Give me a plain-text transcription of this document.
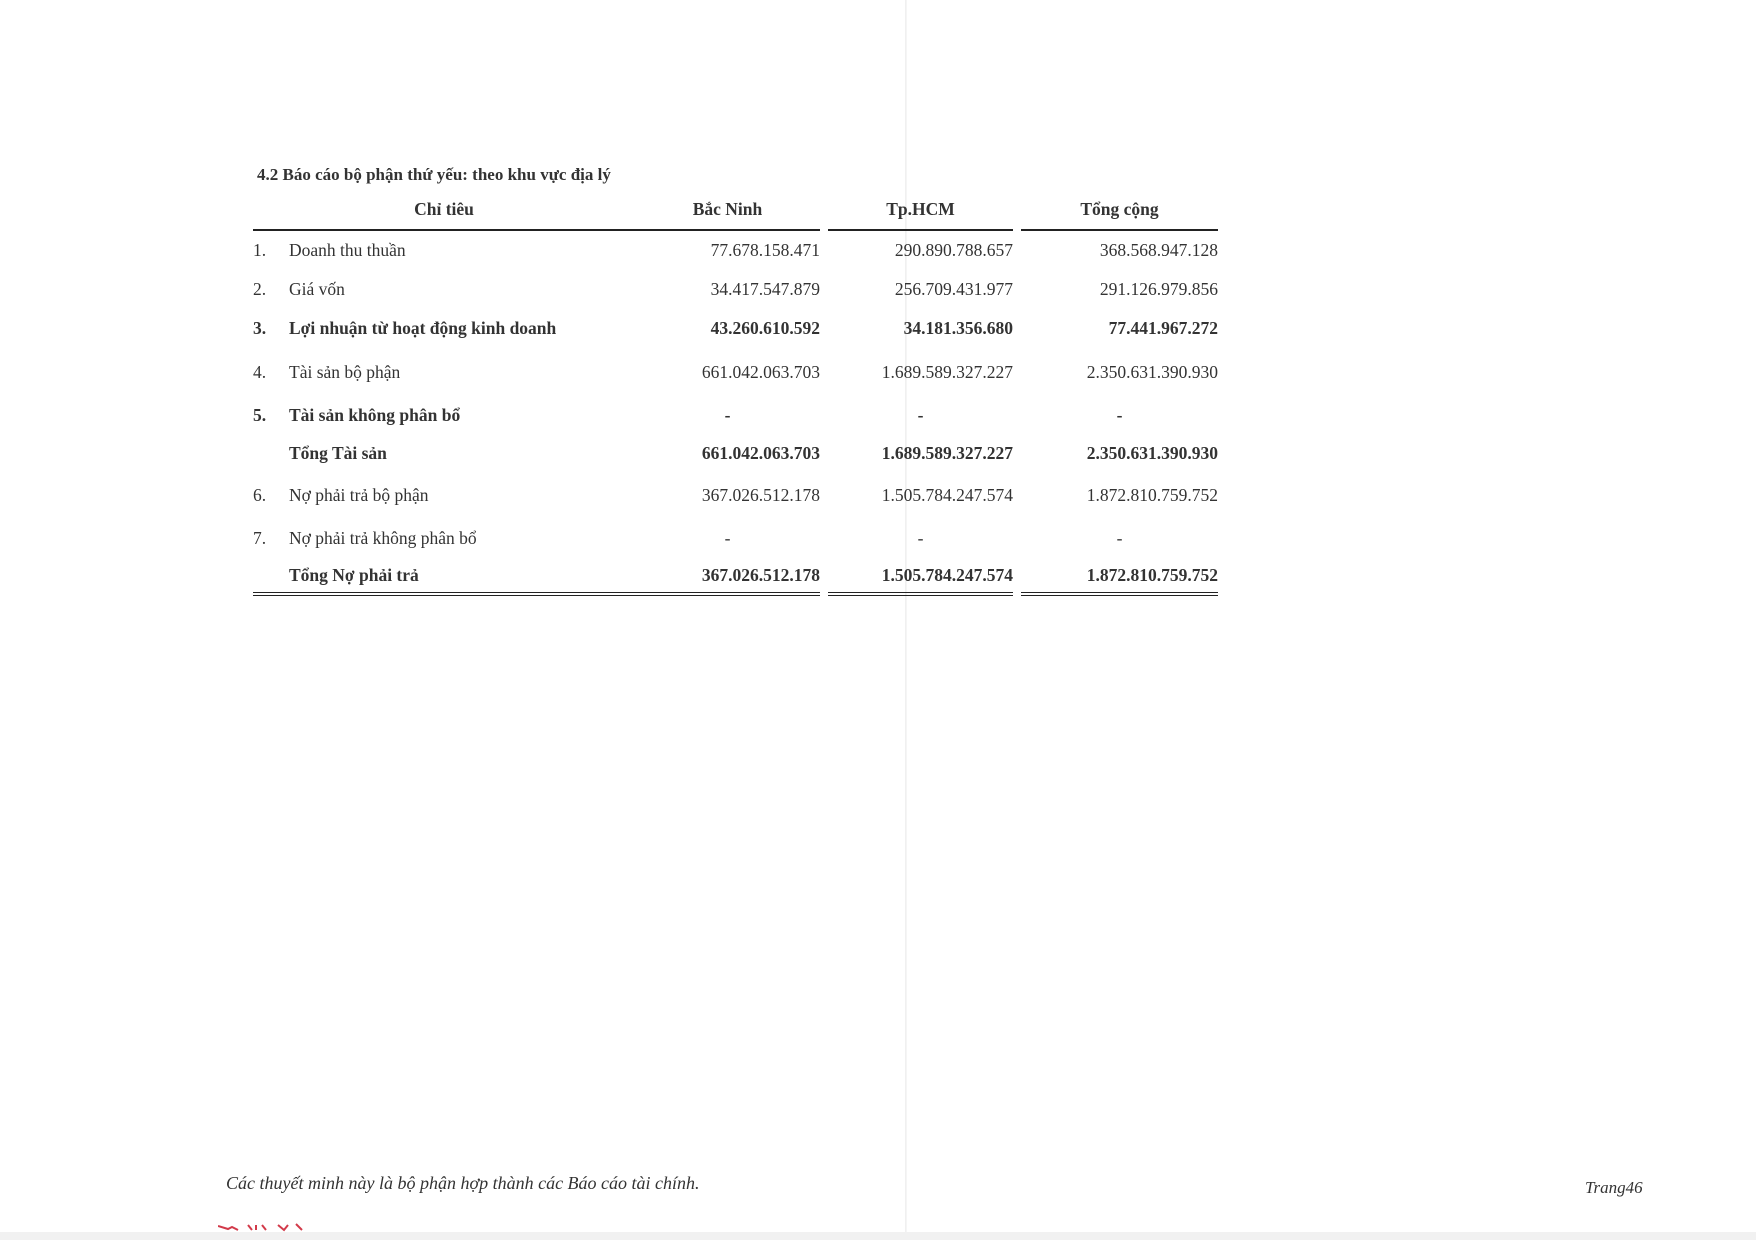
4.2 Báo cáo bộ phận thứ yếu: theo khu vực địa lý
Chỉ tiêu		Bắc Ninh		Tp.HCM		Tổng cộng
1.	Doanh thu thuần	77.678.158.471		290.890.788.657		368.568.947.128
2.	Giá vốn	34.417.547.879		256.709.431.977		291.126.979.856
3.	Lợi nhuận từ hoạt động kinh doanh	43.260.610.592		34.181.356.680		77.441.967.272
4.	Tài sản bộ phận	661.042.063.703		1.689.589.327.227		2.350.631.390.930
5.	Tài sản không phân bổ	-		-		-
	Tổng Tài sản	661.042.063.703		1.689.589.327.227		2.350.631.390.930
6.	Nợ phải trả bộ phận	367.026.512.178		1.505.784.247.574		1.872.810.759.752
7.	Nợ phải trả không phân bổ	-		-		-
	Tổng Nợ phải trả	367.026.512.178		1.505.784.247.574		1.872.810.759.752
Các thuyết minh này là bộ phận hợp thành các Báo cáo tài chính.	Trang46
